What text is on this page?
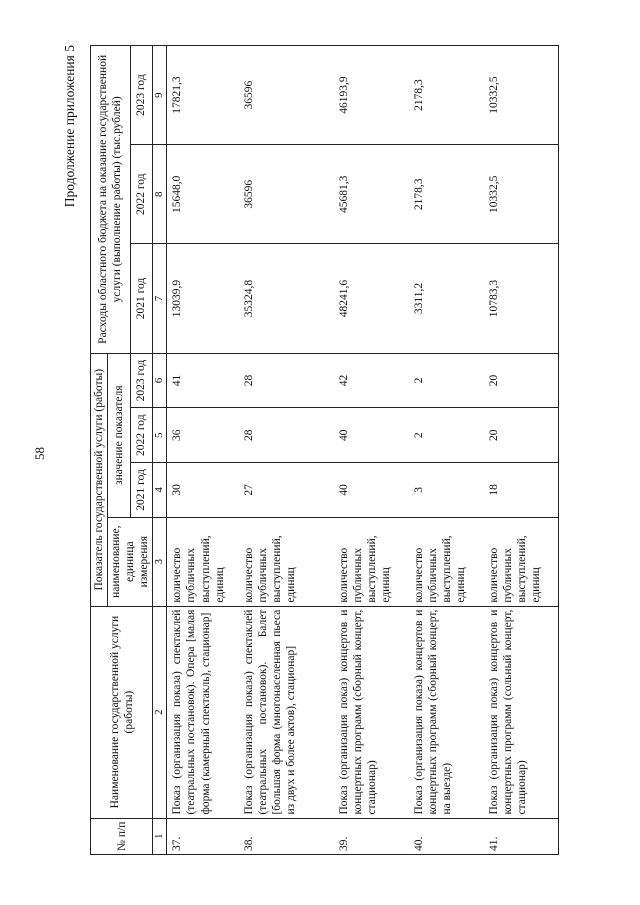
58
Продолжение приложения 5
№ п/п	Наименование государственной услуги (работы)	Показатель государственной услуги (работы)				Расходы областного бюджета на оказание государственной услуги (выполнение работы) (тыс.рублей)		
		наименование, единица измерения	значение показателя					
			2021 год	2022 год	2023 год	2021 год	2022 год	2023 год
1	2	3	4	5	6	7	8	9
37.	Показ (организация показа) спектаклей (театральных постановок). Опера [малая форма (камерный спектакль), стационар]	количество публичных выступлений, единиц	30	36	41	13039,9	15648,0	17821,3
38.	Показ (организация показа) спектаклей (театральных постановок). Балет [большая форма (многонаселенная пьеса из двух и более актов), стационар]	количество публичных выступлений, единиц	27	28	28	35324,8	36596	36596
39.	Показ (организация показ) концертов и концертных программ (сборный концерт, стационар)	количество публичных выступлений, единиц	40	40	42	48241,6	45681,3	46193,9
40.	Показ (организация показа) концертов и концертных программ (сборный концерт, на выезде)	количество публичных выступлений, единиц	3	2	2	3311,2	2178,3	2178,3
41.	Показ (организация показ) концертов и концертных программ (сольный концерт, стационар)	количество публичных выступлений, единиц	18	20	20	10783,3	10332,5	10332,5
